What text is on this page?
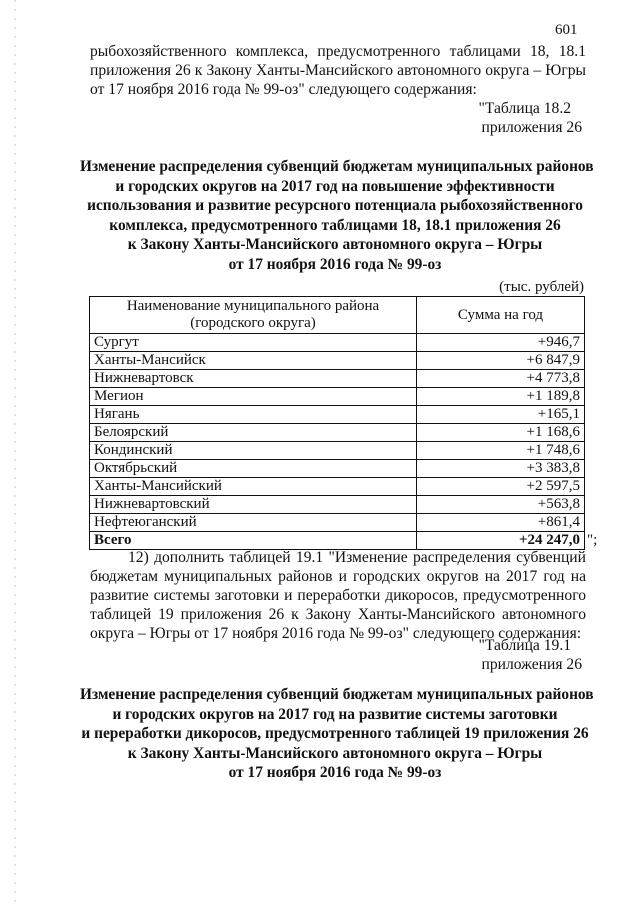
601
рыбохозяйственного комплекса, предусмотренного таблицами 18, 18.1
приложения 26 к Закону Ханты-Мансийского автономного округа – Югры
от 17 ноября 2016 года № 99-оз" следующего содержания:
"Таблица 18.2
приложения 26
Изменение распределения субвенций бюджетам муниципальных районов
и городских округов на 2017 год на повышение эффективности
использования и развитие ресурсного потенциала рыбохозяйственного
комплекса, предусмотренного таблицами 18, 18.1 приложения 26
к Закону Ханты-Мансийского автономного округа – Югры
от 17 ноября 2016 года № 99-оз
(тыс. рублей)
Наименование муниципального района (городского округа)	Сумма на год
Сургут	+946,7
Ханты-Мансийск	+6 847,9
Нижневартовск	+4 773,8
Мегион	+1 189,8
Нягань	+165,1
Белоярский	+1 168,6
Кондинский	+1 748,6
Октябрьский	+3 383,8
Ханты-Мансийский	+2 597,5
Нижневартовский	+563,8
Нефтеюганский	+861,4
Всего	+24 247,0 ";
12) дополнить таблицей 19.1 "Изменение распределения субвенций
бюджетам муниципальных районов и городских округов на 2017 год на
развитие системы заготовки и переработки дикоросов, предусмотренного
таблицей 19 приложения 26 к Закону Ханты-Мансийского автономного
округа – Югры от 17 ноября 2016 года № 99-оз" следующего содержания:
"Таблица 19.1
приложения 26
Изменение распределения субвенций бюджетам муниципальных районов
и городских округов на 2017 год на развитие системы заготовки
и переработки дикоросов, предусмотренного таблицей 19 приложения 26
к Закону Ханты-Мансийского автономного округа – Югры
от 17 ноября 2016 года № 99-оз
